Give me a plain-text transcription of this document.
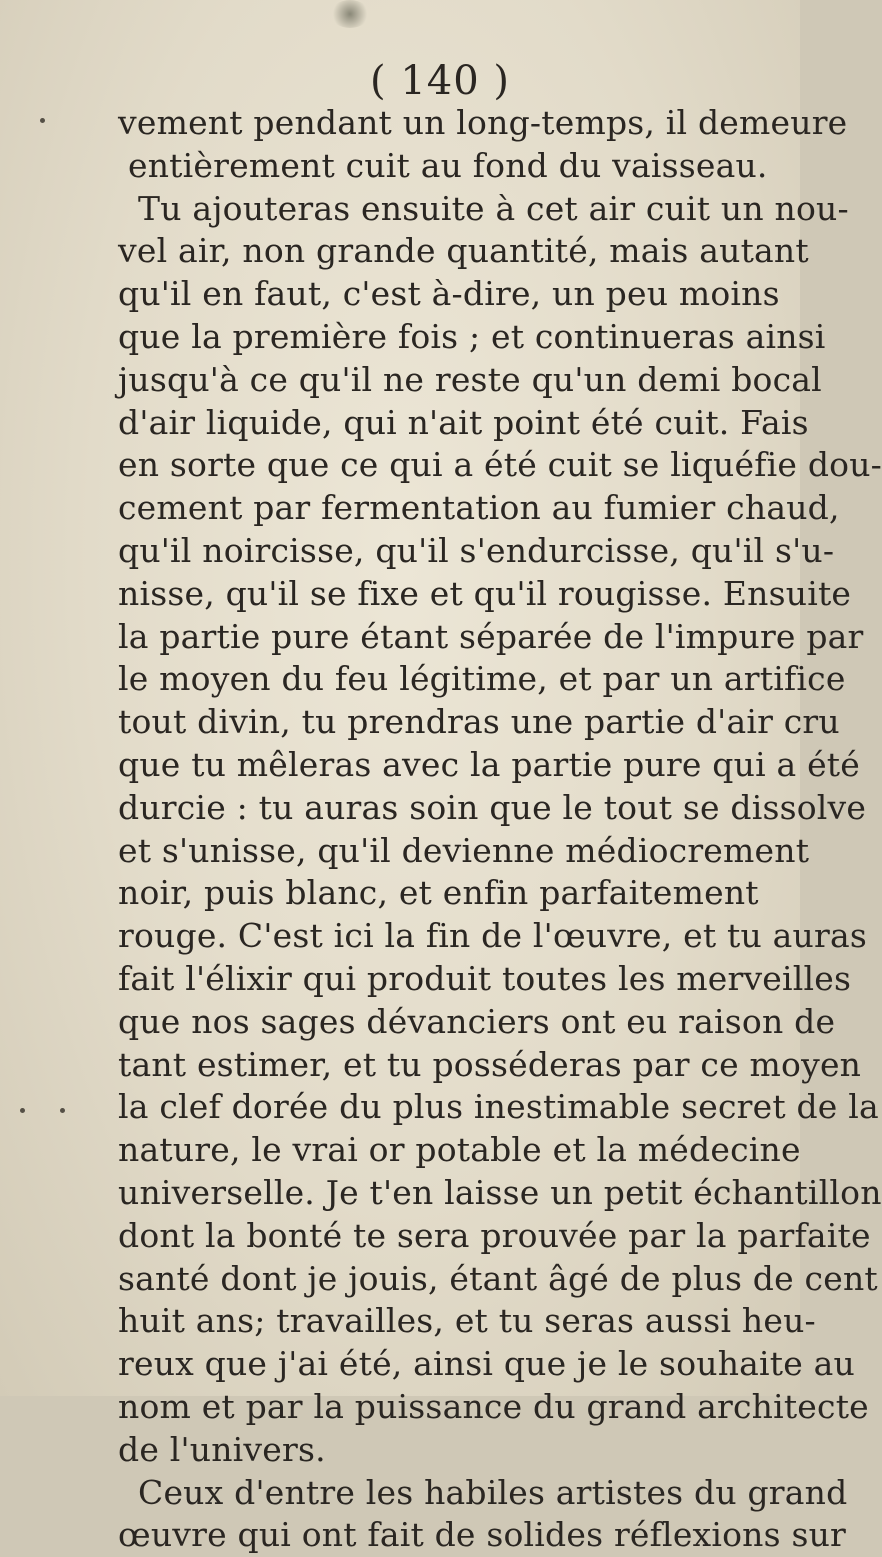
( 140 )
vement pendant un long-temps, il demeure
entièrement cuit au fond du vaisseau.
Tu ajouteras ensuite à cet air cuit un nou-
vel air, non grande quantité, mais autant
qu'il en faut, c'est à-dire, un peu moins
que la première fois ; et continueras ainsi
jusqu'à ce qu'il ne reste qu'un demi bocal
d'air liquide, qui n'ait point été cuit. Fais
en sorte que ce qui a été cuit se liquéfie dou-
cement par fermentation au fumier chaud,
qu'il noircisse, qu'il s'endurcisse, qu'il s'u-
nisse, qu'il se fixe et qu'il rougisse. Ensuite
la partie pure étant séparée de l'impure par
le moyen du feu légitime, et par un artifice
tout divin, tu prendras une partie d'air cru
que tu mêleras avec la partie pure qui a été
durcie : tu auras soin que le tout se dissolve
et s'unisse, qu'il devienne médiocrement
noir, puis blanc, et enfin parfaitement
rouge. C'est ici la fin de l'œuvre, et tu auras
fait l'élixir qui produit toutes les merveilles
que nos sages dévanciers ont eu raison de
tant estimer, et tu posséderas par ce moyen
la clef dorée du plus inestimable secret de la
nature, le vrai or potable et la médecine
universelle. Je t'en laisse un petit échantillon
dont la bonté te sera prouvée par la parfaite
santé dont je jouis, étant âgé de plus de cent
huit ans; travailles, et tu seras aussi heu-
reux que j'ai été, ainsi que je le souhaite au
nom et par la puissance du grand architecte
de l'univers.
Ceux d'entre les habiles artistes du grand
œuvre qui ont fait de solides réflexions sur
